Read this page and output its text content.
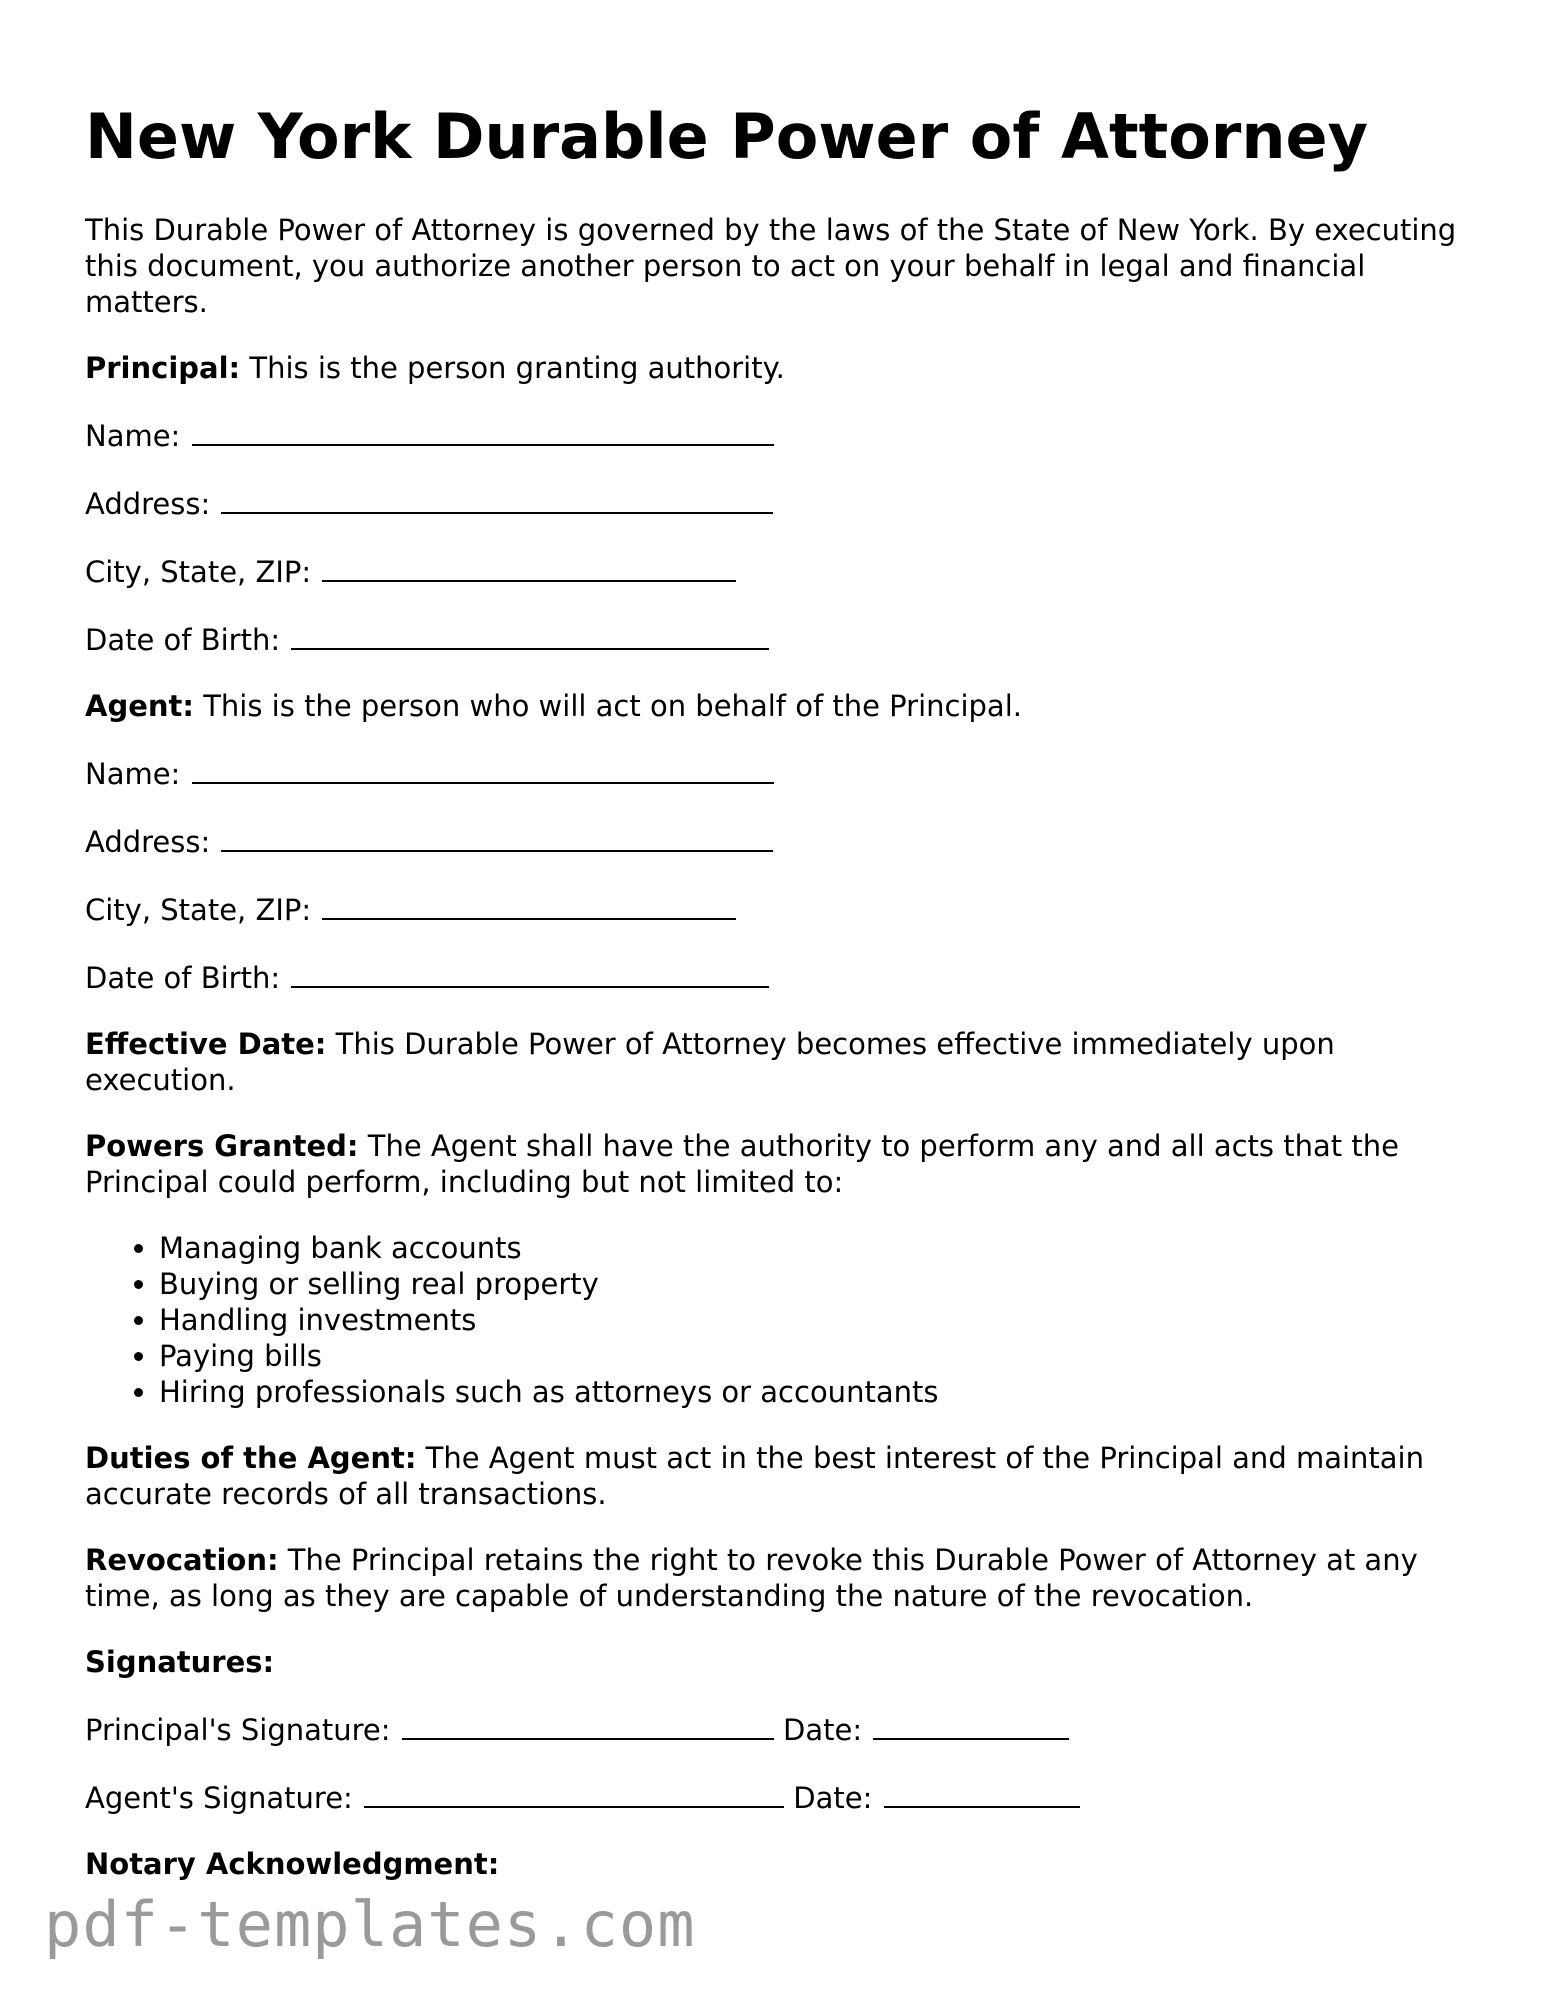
New York Durable Power of Attorney

This Durable Power of Attorney is governed by the laws of the State of New York. By executing this document, you authorize another person to act on your behalf in legal and financial matters.

Principal: This is the person granting authority.

Name:

Address:

City, State, ZIP:

Date of Birth:

Agent: This is the person who will act on behalf of the Principal.

Name:

Address:

City, State, ZIP:

Date of Birth:

Effective Date: This Durable Power of Attorney becomes effective immediately upon execution.

Powers Granted: The Agent shall have the authority to perform any and all acts that the Principal could perform, including but not limited to:

• Managing bank accounts
• Buying or selling real property
• Handling investments
• Paying bills
• Hiring professionals such as attorneys or accountants

Duties of the Agent: The Agent must act in the best interest of the Principal and maintain accurate records of all transactions.

Revocation: The Principal retains the right to revoke this Durable Power of Attorney at any time, as long as they are capable of understanding the nature of the revocation.

Signatures:

Principal's Signature:	Date:

Agent's Signature:	Date:

Notary Acknowledgment:

pdf-templates.com
